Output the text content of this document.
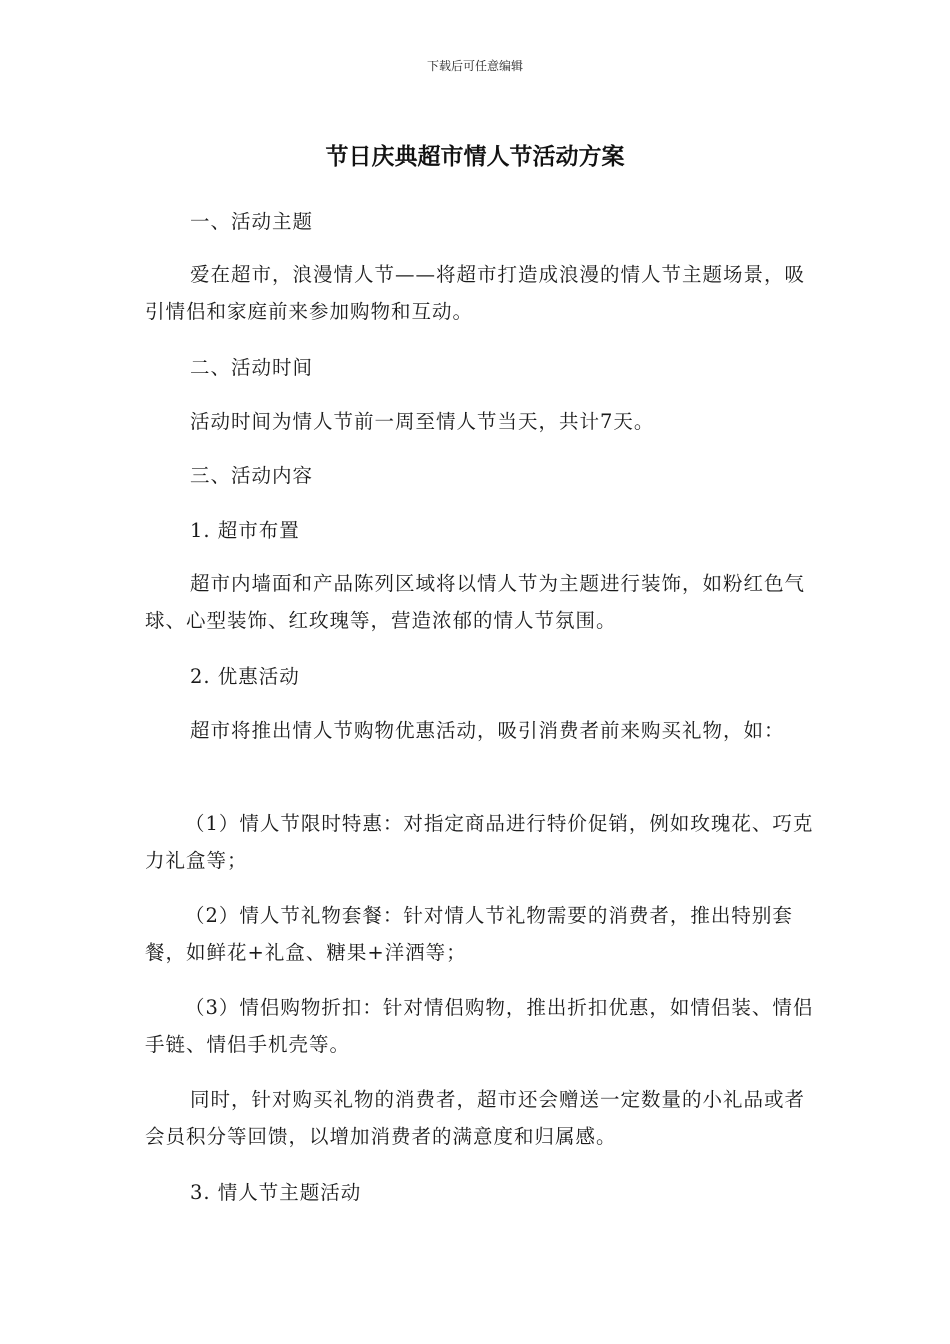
下载后可任意编辑
节日庆典超市情人节活动方案

一、活动主题

爱在超市，浪漫情人节——将超市打造成浪漫的情人节主题场景，吸引情侣和家庭前来参加购物和互动。

二、活动时间

活动时间为情人节前一周至情人节当天，共计7天。

三、活动内容

1. 超市布置

超市内墙面和产品陈列区域将以情人节为主题进行装饰，如粉红色气球、心型装饰、红玫瑰等，营造浓郁的情人节氛围。

2. 优惠活动

超市将推出情人节购物优惠活动，吸引消费者前来购买礼物，如：

（1）情人节限时特惠：对指定商品进行特价促销，例如玫瑰花、巧克力礼盒等；

（2）情人节礼物套餐：针对情人节礼物需要的消费者，推出特别套餐，如鲜花+礼盒、糖果+洋酒等；

（3）情侣购物折扣：针对情侣购物，推出折扣优惠，如情侣装、情侣手链、情侣手机壳等。

同时，针对购买礼物的消费者，超市还会赠送一定数量的小礼品或者会员积分等回馈，以增加消费者的满意度和归属感。

3. 情人节主题活动
